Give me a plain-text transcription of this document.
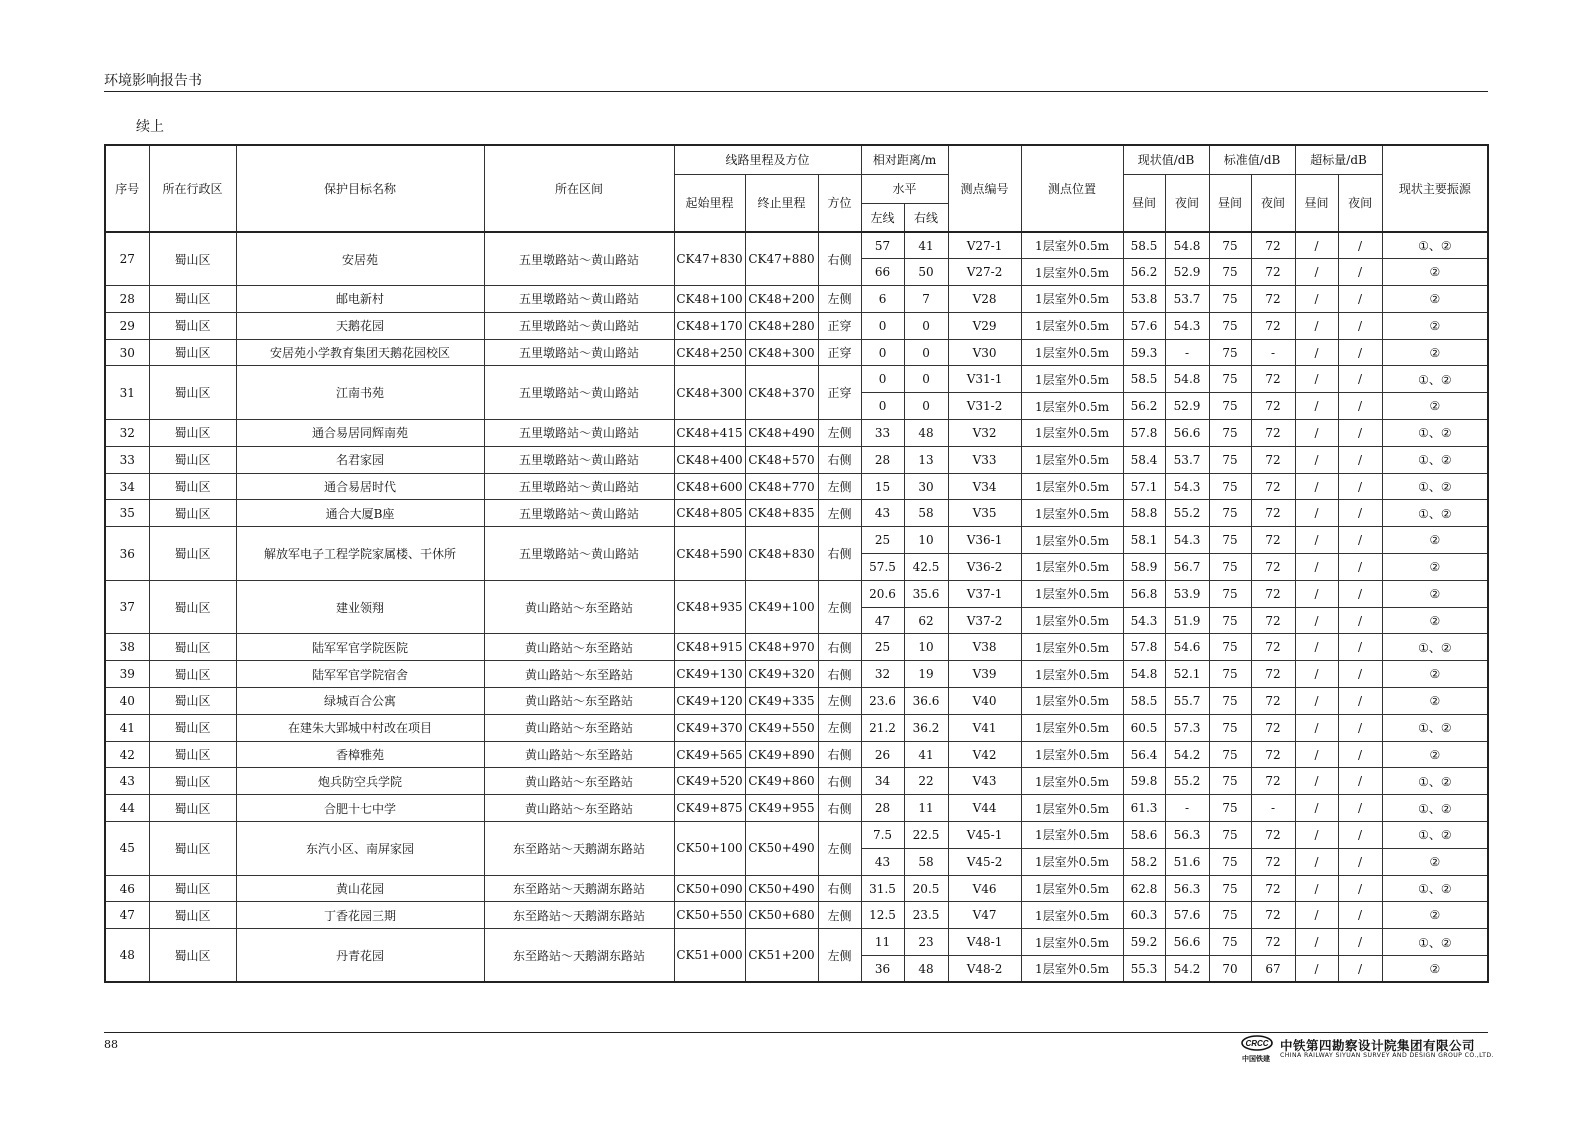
环境影响报告书
续上
序号	所在行政区	保护目标名称	所在区间	线路里程及方位			相对距离/m		测点编号	测点位置	现状值/dB		标准值/dB		超标量/dB		现状主要振源
				起始里程	终止里程	方位	水平				昼间	夜间	昼间	夜间	昼间	夜间	
							左线	右线									
27	蜀山区	安居苑	五里墩路站～黄山路站	CK47+830	CK47+880	右侧	57	41	V27-1	1层室外0.5m	58.5	54.8	75	72	/	/	①、②
							66	50	V27-2	1层室外0.5m	56.2	52.9	75	72	/	/	②
28	蜀山区	邮电新村	五里墩路站～黄山路站	CK48+100	CK48+200	左侧	6	7	V28	1层室外0.5m	53.8	53.7	75	72	/	/	②
29	蜀山区	天鹅花园	五里墩路站～黄山路站	CK48+170	CK48+280	正穿	0	0	V29	1层室外0.5m	57.6	54.3	75	72	/	/	②
30	蜀山区	安居苑小学教育集团天鹅花园校区	五里墩路站～黄山路站	CK48+250	CK48+300	正穿	0	0	V30	1层室外0.5m	59.3	-	75	-	/	/	②
31	蜀山区	江南书苑	五里墩路站～黄山路站	CK48+300	CK48+370	正穿	0	0	V31-1	1层室外0.5m	58.5	54.8	75	72	/	/	①、②
							0	0	V31-2	1层室外0.5m	56.2	52.9	75	72	/	/	②
32	蜀山区	通合易居同辉南苑	五里墩路站～黄山路站	CK48+415	CK48+490	左侧	33	48	V32	1层室外0.5m	57.8	56.6	75	72	/	/	①、②
33	蜀山区	名君家园	五里墩路站～黄山路站	CK48+400	CK48+570	右侧	28	13	V33	1层室外0.5m	58.4	53.7	75	72	/	/	①、②
34	蜀山区	通合易居时代	五里墩路站～黄山路站	CK48+600	CK48+770	左侧	15	30	V34	1层室外0.5m	57.1	54.3	75	72	/	/	①、②
35	蜀山区	通合大厦B座	五里墩路站～黄山路站	CK48+805	CK48+835	左侧	43	58	V35	1层室外0.5m	58.8	55.2	75	72	/	/	①、②
36	蜀山区	解放军电子工程学院家属楼、干休所	五里墩路站～黄山路站	CK48+590	CK48+830	右侧	25	10	V36-1	1层室外0.5m	58.1	54.3	75	72	/	/	②
							57.5	42.5	V36-2	1层室外0.5m	58.9	56.7	75	72	/	/	②
37	蜀山区	建业领翔	黄山路站～东至路站	CK48+935	CK49+100	左侧	20.6	35.6	V37-1	1层室外0.5m	56.8	53.9	75	72	/	/	②
							47	62	V37-2	1层室外0.5m	54.3	51.9	75	72	/	/	②
38	蜀山区	陆军军官学院医院	黄山路站～东至路站	CK48+915	CK48+970	右侧	25	10	V38	1层室外0.5m	57.8	54.6	75	72	/	/	①、②
39	蜀山区	陆军军官学院宿舍	黄山路站～东至路站	CK49+130	CK49+320	右侧	32	19	V39	1层室外0.5m	54.8	52.1	75	72	/	/	②
40	蜀山区	绿城百合公寓	黄山路站～东至路站	CK49+120	CK49+335	左侧	23.6	36.6	V40	1层室外0.5m	58.5	55.7	75	72	/	/	②
41	蜀山区	在建朱大郢城中村改在项目	黄山路站～东至路站	CK49+370	CK49+550	左侧	21.2	36.2	V41	1层室外0.5m	60.5	57.3	75	72	/	/	①、②
42	蜀山区	香樟雅苑	黄山路站～东至路站	CK49+565	CK49+890	右侧	26	41	V42	1层室外0.5m	56.4	54.2	75	72	/	/	②
43	蜀山区	炮兵防空兵学院	黄山路站～东至路站	CK49+520	CK49+860	右侧	34	22	V43	1层室外0.5m	59.8	55.2	75	72	/	/	①、②
44	蜀山区	合肥十七中学	黄山路站～东至路站	CK49+875	CK49+955	右侧	28	11	V44	1层室外0.5m	61.3	-	75	-	/	/	①、②
45	蜀山区	东汽小区、南屏家园	东至路站～天鹅湖东路站	CK50+100	CK50+490	左侧	7.5	22.5	V45-1	1层室外0.5m	58.6	56.3	75	72	/	/	①、②
							43	58	V45-2	1层室外0.5m	58.2	51.6	75	72	/	/	②
46	蜀山区	黄山花园	东至路站～天鹅湖东路站	CK50+090	CK50+490	右侧	31.5	20.5	V46	1层室外0.5m	62.8	56.3	75	72	/	/	①、②
47	蜀山区	丁香花园三期	东至路站～天鹅湖东路站	CK50+550	CK50+680	左侧	12.5	23.5	V47	1层室外0.5m	60.3	57.6	75	72	/	/	②
48	蜀山区	丹青花园	东至路站～天鹅湖东路站	CK51+000	CK51+200	左侧	11	23	V48-1	1层室外0.5m	59.2	56.6	75	72	/	/	①、②
							36	48	V48-2	1层室外0.5m	55.3	54.2	70	67	/	/	②
88	CRCC
中国铁建
中铁第四勘察设计院集团有限公司
CHINA RAILWAY SIYUAN SURVEY AND DESIGN GROUP CO.,LTD.
